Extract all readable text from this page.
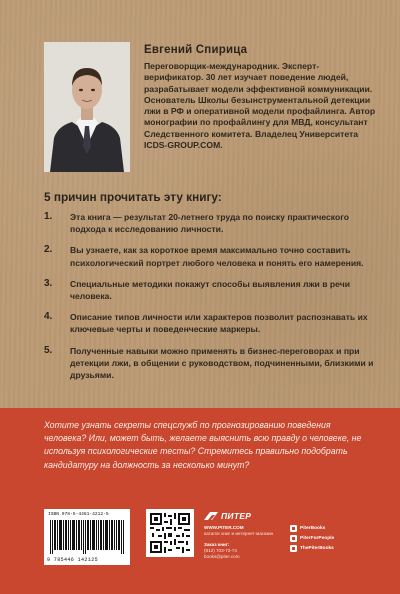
Евгений Спирица
Переговорщик-международник. Эксперт-верификатор. 30 лет изучает поведение людей, разрабатывает модели эффективной коммуникации. Основатель Школы безынструментальной детекции лжи в РФ и оперативной модели профайлинга. Автор монографии по профайлингу для МВД, консультант Следственного комитета. Владелец Университета ICDS-GROUP.COM.
5 причин прочитать эту книгу:
1.	Эта книга — результат 20-летнего труда по поиску практического подхода к исследованию личности.
2.	Вы узнаете, как за короткое время максимально точно составить психологический портрет любого человека и понять его намерения.
3.	Специальные методики покажут способы выявления лжи в речи человека.
4.	Описание типов личности или характеров позволит распознавать их ключевые черты и поведенческие маркеры.
5.	Полученные навыки можно применять в бизнес-переговорах и при детекции лжи, в общении с руководством, подчиненными, близкими и друзьями.
Хотите узнать секреты спецслужб по прогнозированию поведения человека? Или, может быть, желаете выяснить всю правду о человеке, не используя психологические тесты? Стремитесь правильно подобрать кандидатуру на должность за несколько минут?
ISBN 978-5-4461-4212-5
9 785446 142125
ПИТЕР
WWW.PITER.COM
каталог книг и интернет-магазин
Заказ книг:
(812) 703-73-74
books@piter.com
PiterBooks
PiterForPeople
ThePiterBooks
